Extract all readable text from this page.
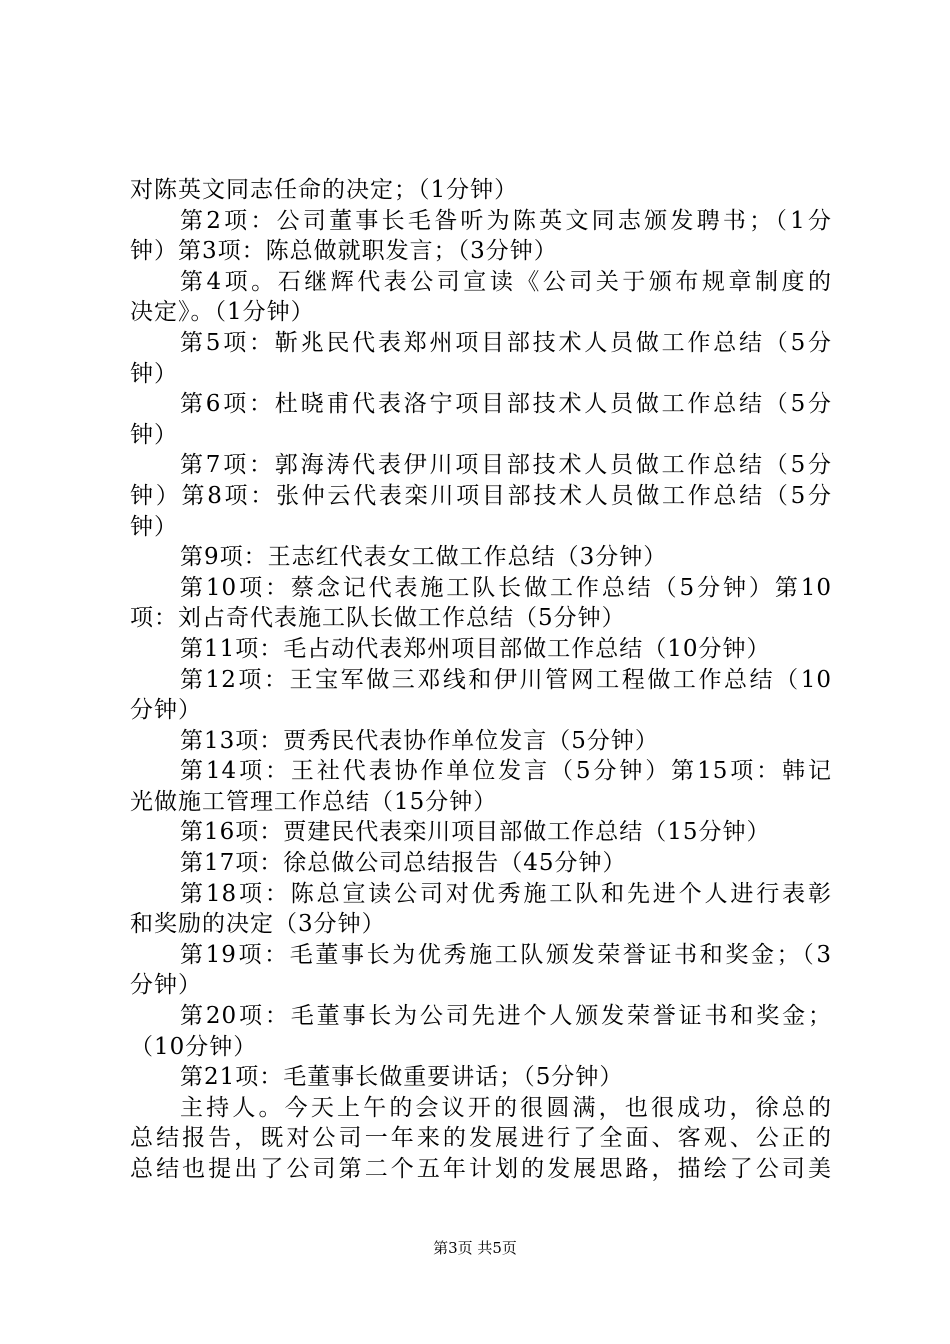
对陈英文同志任命的决定；（1分钟）
第2项：公司董事长毛昝听为陈英文同志颁发聘书；（1分
钟）第3项：陈总做就职发言；（3分钟）
第4项。石继辉代表公司宣读《公司关于颁布规章制度的
决定》。（1分钟）
第5项：靳兆民代表郑州项目部技术人员做工作总结（5分
钟）
第6项：杜晓甫代表洛宁项目部技术人员做工作总结（5分
钟）
第7项：郭海涛代表伊川项目部技术人员做工作总结（5分
钟）第8项：张仲云代表栾川项目部技术人员做工作总结（5分
钟）
第9项：王志红代表女工做工作总结（3分钟）
第10项：蔡念记代表施工队长做工作总结（5分钟）第10
项：刘占奇代表施工队长做工作总结（5分钟）
第11项：毛占动代表郑州项目部做工作总结（10分钟）
第12项：王宝军做三邓线和伊川管网工程做工作总结（10
分钟）
第13项：贾秀民代表协作单位发言（5分钟）
第14项：王社代表协作单位发言（5分钟）第15项：韩记
光做施工管理工作总结（15分钟）
第16项：贾建民代表栾川项目部做工作总结（15分钟）
第17项：徐总做公司总结报告（45分钟）
第18项：陈总宣读公司对优秀施工队和先进个人进行表彰
和奖励的决定（3分钟）
第19项：毛董事长为优秀施工队颁发荣誉证书和奖金；（3
分钟）
第20项：毛董事长为公司先进个人颁发荣誉证书和奖金；
（10分钟）
第21项：毛董事长做重要讲话；（5分钟）
主持人。今天上午的会议开的很圆满，也很成功，徐总的
总结报告，既对公司一年来的发展进行了全面、客观、公正的
总结也提出了公司第二个五年计划的发展思路，描绘了公司美
第3页 共5页
